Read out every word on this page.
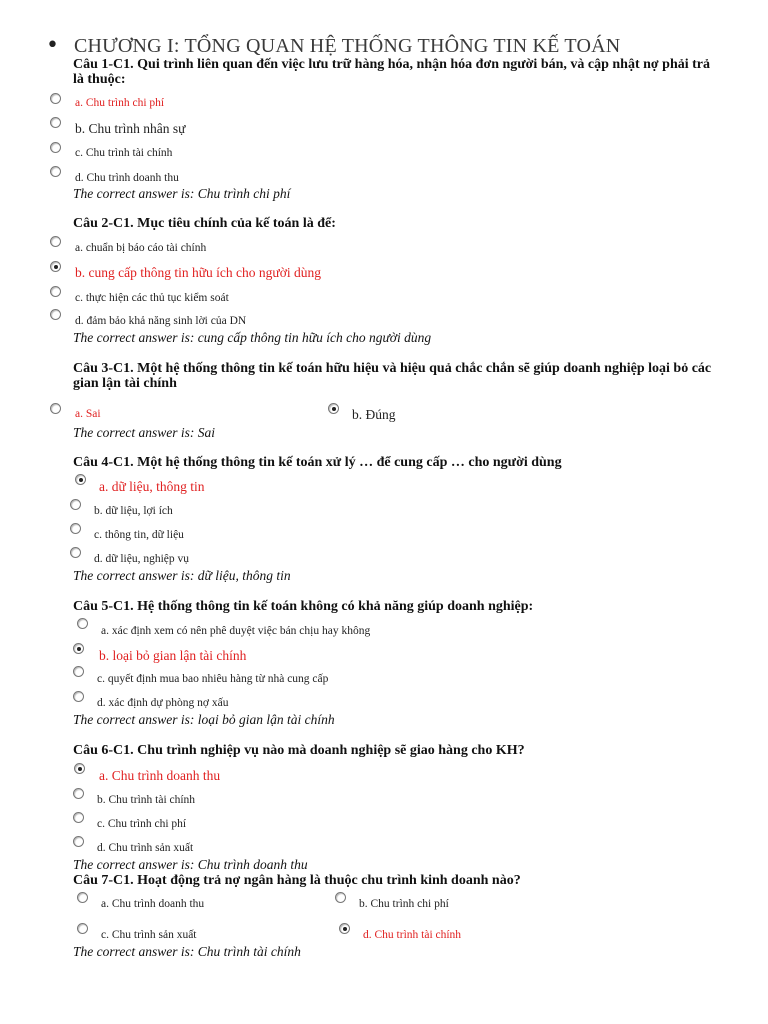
• CHƯƠNG I: TỔNG QUAN HỆ THỐNG THÔNG TIN KẾ TOÁN
Câu 1-C1. Qui trình liên quan đến việc lưu trữ hàng hóa, nhận hóa đơn người bán, và cập nhật nợ phải trả
là thuộc:
a. Chu trình chi phí
b. Chu trình nhân sự
c. Chu trình tài chính
d. Chu trình doanh thu
The correct answer is: Chu trình chi phí
Câu 2-C1. Mục tiêu chính của kế toán là để:
a. chuẩn bị báo cáo tài chính
b. cung cấp thông tin hữu ích cho người dùng
c. thực hiện các thủ tục kiểm soát
d. đảm bảo khả năng sinh lời của DN
The correct answer is: cung cấp thông tin hữu ích cho người dùng
Câu 3-C1. Một hệ thống thông tin kế toán hữu hiệu và hiệu quả chắc chắn sẽ giúp doanh nghiệp loại bỏ các
gian lận tài chính
a. Sai	b. Đúng
The correct answer is: Sai
Câu 4-C1. Một hệ thống thông tin kế toán xử lý … để cung cấp … cho người dùng
a. dữ liệu, thông tin
b. dữ liệu, lợi ích
c. thông tin, dữ liệu
d. dữ liệu, nghiệp vụ
The correct answer is: dữ liệu, thông tin
Câu 5-C1. Hệ thống thông tin kế toán không có khả năng giúp doanh nghiệp:
a. xác định xem có nên phê duyệt việc bán chịu hay không
b. loại bỏ gian lận tài chính
c. quyết định mua bao nhiêu hàng từ nhà cung cấp
d. xác định dự phòng nợ xấu
The correct answer is: loại bỏ gian lận tài chính
Câu 6-C1. Chu trình nghiệp vụ nào mà doanh nghiệp sẽ giao hàng cho KH?
a. Chu trình doanh thu
b. Chu trình tài chính
c. Chu trình chi phí
d. Chu trình sản xuất
The correct answer is: Chu trình doanh thu
Câu 7-C1. Hoạt động trả nợ ngân hàng là thuộc chu trình kinh doanh nào?
a. Chu trình doanh thu	b. Chu trình chi phí
c. Chu trình sản xuất	d. Chu trình tài chính
The correct answer is: Chu trình tài chính
